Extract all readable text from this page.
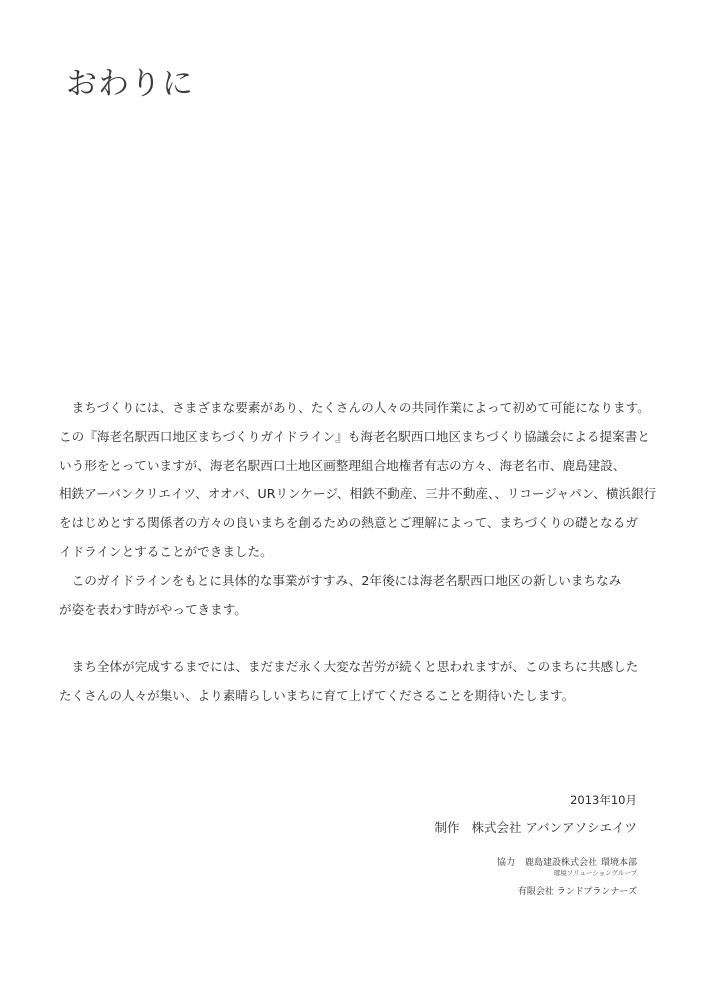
おわりに
　まちづくりには、さまざまな要素があり、たくさんの人々の共同作業によって初めて可能になります。
この『海老名駅西口地区まちづくりガイドライン』も海老名駅西口地区まちづくり協議会による提案書と
いう形をとっていますが、海老名駅西口土地区画整理組合地権者有志の方々、海老名市、鹿島建設、
相鉄アーバンクリエイツ、オオバ、URリンケージ、相鉄不動産、三井不動産、、リコージャパン、横浜銀行
をはじめとする関係者の方々の良いまちを創るための熱意とご理解によって、まちづくりの礎となるガ
イドラインとすることができました。
　このガイドラインをもとに具体的な事業がすすみ、2年後には海老名駅西口地区の新しいまちなみ
が姿を表わす時がやってきます。
　まち全体が完成するまでには、まだまだ永く大変な苦労が続くと思われますが、このまちに共感した
たくさんの人々が集い、より素晴らしいまちに育て上げてくださることを期待いたします。
2013年10月
制作 株式会社 アバンアソシエイツ
協力 鹿島建設株式会社 環境本部
環境ソリューショングループ
有限会社 ランドプランナーズ
